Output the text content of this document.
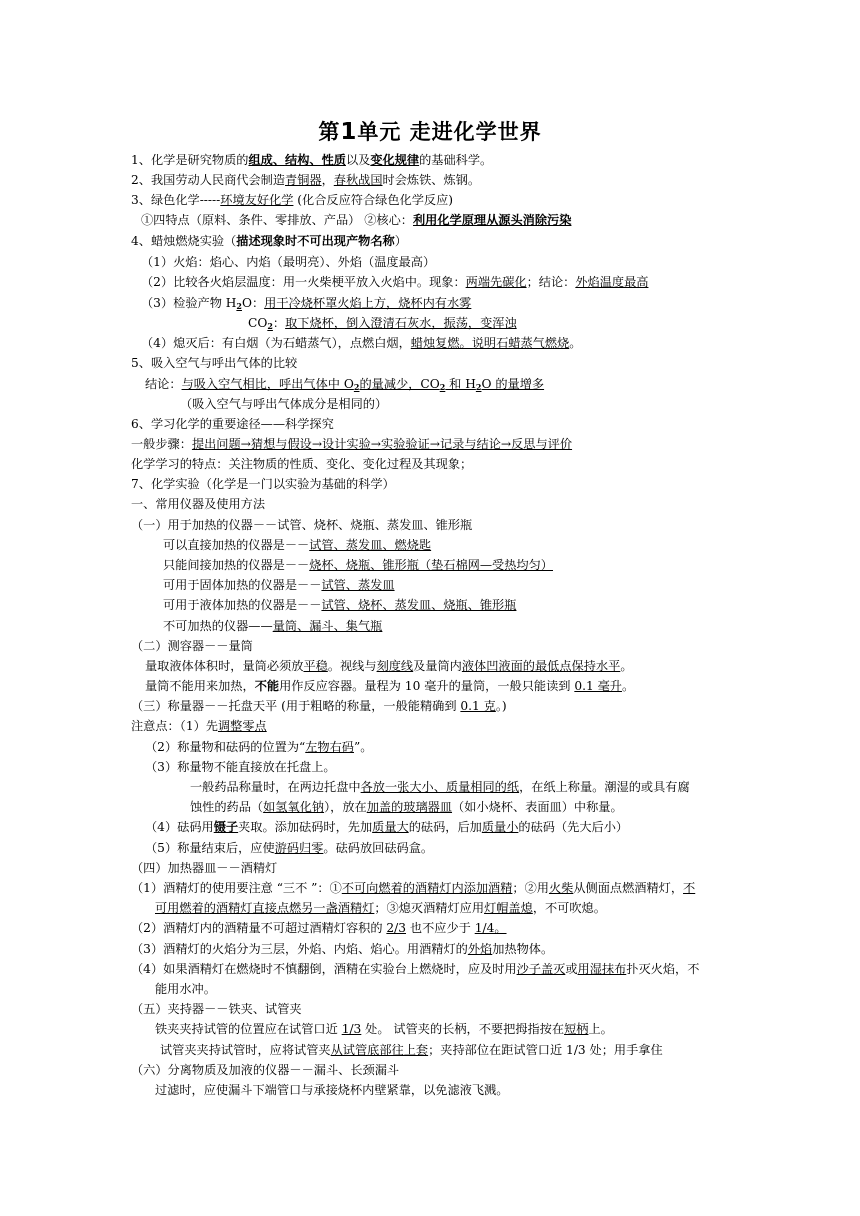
第1单元 走进化学世界
1、化学是研究物质的组成、结构、性质以及变化规律的基础科学。
2、我国劳动人民商代会制造青铜器，春秋战国时会炼铁、炼钢。
3、绿色化学-----环境友好化学 (化合反应符合绿色化学反应)
①四特点（原料、条件、零排放、产品） ②核心：利用化学原理从源头消除污染
4、蜡烛燃烧实验（描述现象时不可出现产物名称）
（1）火焰：焰心、内焰（最明亮）、外焰（温度最高）
（2）比较各火焰层温度：用一火柴梗平放入火焰中。现象：两端先碳化；结论：外焰温度最高
（3）检验产物 $H_2O$：用干冷烧杯罩火焰上方，烧杯内有水雾
$CO_2$：取下烧杯，倒入澄清石灰水，振荡，变浑浊
（4）熄灭后：有白烟（为石蜡蒸气），点燃白烟，蜡烛复燃。说明石蜡蒸气燃烧。
5、吸入空气与呼出气体的比较
结论：与吸入空气相比，呼出气体中 $O_2$的量减少，$CO_2$ 和 $H_2O$ 的量增多
（吸入空气与呼出气体成分是相同的）
6、学习化学的重要途径——科学探究
一般步骤：提出问题→猜想与假设→设计实验→实验验证→记录与结论→反思与评价
化学学习的特点：关注物质的性质、变化、变化过程及其现象；
7、化学实验（化学是一门以实验为基础的科学）
一、常用仪器及使用方法
（一）用于加热的仪器－－试管、烧杯、烧瓶、蒸发皿、锥形瓶
可以直接加热的仪器是－－试管、蒸发皿、燃烧匙
只能间接加热的仪器是－－烧杯、烧瓶、锥形瓶（垫石棉网—受热均匀）
可用于固体加热的仪器是－－试管、蒸发皿
可用于液体加热的仪器是－－试管、烧杯、蒸发皿、烧瓶、锥形瓶
不可加热的仪器——量筒、漏斗、集气瓶
（二）测容器－－量筒
量取液体体积时，量筒必须放平稳。视线与刻度线及量筒内液体凹液面的最低点保持水平。
量筒不能用来加热，不能用作反应容器。量程为 10 毫升的量筒，一般只能读到 0.1 毫升。
（三）称量器－－托盘天平 (用于粗略的称量，一般能精确到 0.1 克。)
注意点：（1）先调整零点
（2）称量物和砝码的位置为“左物右码”。
（3）称量物不能直接放在托盘上。
一般药品称量时，在两边托盘中各放一张大小、质量相同的纸，在纸上称量。潮湿的或具有腐
蚀性的药品（如氢氧化钠），放在加盖的玻璃器皿（如小烧杯、表面皿）中称量。
（4）砝码用镊子夹取。添加砝码时，先加质量大的砝码，后加质量小的砝码（先大后小）
（5）称量结束后，应使游码归零。砝码放回砝码盒。
（四）加热器皿－－酒精灯
（1）酒精灯的使用要注意 “三不 ”：①不可向燃着的酒精灯内添加酒精；②用火柴从侧面点燃酒精灯，不
可用燃着的酒精灯直接点燃另一盏酒精灯；③熄灭酒精灯应用灯帽盖熄，不可吹熄。
（2）酒精灯内的酒精量不可超过酒精灯容积的 2/3 也不应少于 1/4。
（3）酒精灯的火焰分为三层，外焰、内焰、焰心。用酒精灯的外焰加热物体。
（4）如果酒精灯在燃烧时不慎翻倒，酒精在实验台上燃烧时，应及时用沙子盖灭或用湿抹布扑灭火焰，不
能用水冲。
（五）夹持器－－铁夹、试管夹
铁夹夹持试管的位置应在试管口近 1/3 处。 试管夹的长柄，不要把拇指按在短柄上。
试管夹夹持试管时，应将试管夹从试管底部往上套；夹持部位在距试管口近 1/3 处；用手拿住
（六）分离物质及加液的仪器－－漏斗、长颈漏斗
过滤时，应使漏斗下端管口与承接烧杯内壁紧靠，以免滤液飞溅。
